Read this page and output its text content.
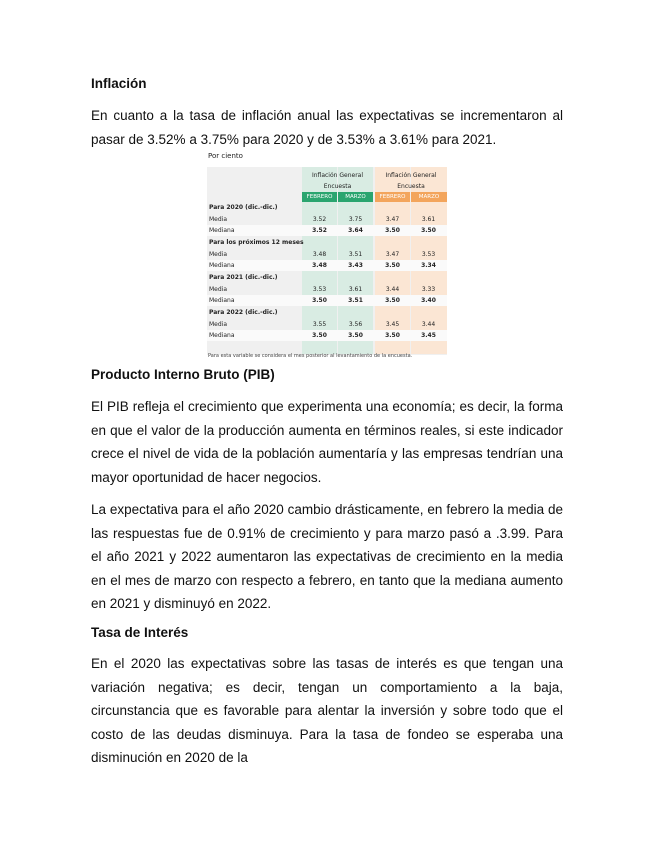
Inflación

En cuanto a la tasa de inflación anual las expectativas se incrementaron al pasar de 3.52% a 3.75% para 2020 y de 3.53% a 3.61% para 2021.

Por ciento
Inflación General
Encuesta
Inflación General
Encuesta
FEBRERO	MARZO	FEBRERO	MARZO
Para 2020 (dic.-dic.)
Media	3.52	3.75	3.47	3.61
Mediana	3.52	3.64	3.50	3.50
Para los próximos 12 meses
Media	3.48	3.51	3.47	3.53
Mediana	3.48	3.43	3.50	3.34
Para 2021 (dic.-dic.)
Media	3.53	3.61	3.44	3.33
Mediana	3.50	3.51	3.50	3.40
Para 2022 (dic.-dic.)
Media	3.55	3.56	3.45	3.44
Mediana	3.50	3.50	3.50	3.45
Para esta variable se considera el mes posterior al levantamiento de la encuesta.
Producto Interno Bruto (PIB)

El PIB refleja el crecimiento que experimenta una economía; es decir, la forma en que el valor de la producción aumenta en términos reales, si este indicador crece el nivel de vida de la población aumentaría y las empresas tendrían una mayor oportunidad de hacer negocios.

La expectativa para el año 2020 cambio drásticamente, en febrero la media de las respuestas fue de 0.91% de crecimiento y para marzo pasó a .3.99. Para el año 2021 y 2022 aumentaron las expectativas de crecimiento en la media en el mes de marzo con respecto a febrero, en tanto que la mediana aumento en 2021 y disminuyó en 2022.

Tasa de Interés

En el 2020 las expectativas sobre las tasas de interés es que tengan una variación negativa; es decir, tengan un comportamiento a la baja, circunstancia que es favorable para alentar la inversión y sobre todo que el costo de las deudas disminuya. Para la tasa de fondeo se esperaba una disminución en 2020 de la
